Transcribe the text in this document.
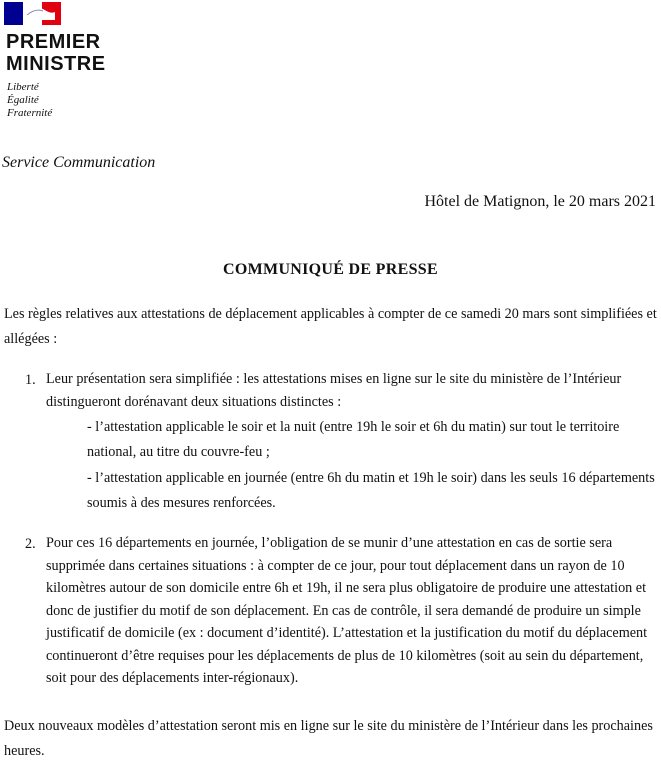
PREMIER
MINISTRE
Liberté
Égalité
Fraternité
Service Communication
Hôtel de Matignon, le 20 mars 2021
COMMUNIQUÉ DE PRESSE
Les règles relatives aux attestations de déplacement applicables à compter de ce samedi 20 mars sont simplifiées et allégées :
1. Leur présentation sera simplifiée : les attestations mises en ligne sur le site du ministère de l’Intérieur distingueront dorénavant deux situations distinctes :
- l’attestation applicable le soir et la nuit (entre 19h le soir et 6h du matin) sur tout le territoire national, au titre du couvre-feu ;
- l’attestation applicable en journée (entre 6h du matin et 19h le soir) dans les seuls 16 départements soumis à des mesures renforcées.
2. Pour ces 16 départements en journée, l’obligation de se munir d’une attestation en cas de sortie sera supprimée dans certaines situations : à compter de ce jour, pour tout déplacement dans un rayon de 10 kilomètres autour de son domicile entre 6h et 19h, il ne sera plus obligatoire de produire une attestation et donc de justifier du motif de son déplacement. En cas de contrôle, il sera demandé de produire un simple justificatif de domicile (ex : document d’identité). L’attestation et la justification du motif du déplacement continueront d’être requises pour les déplacements de plus de 10 kilomètres (soit au sein du département, soit pour des déplacements inter-régionaux).
Deux nouveaux modèles d’attestation seront mis en ligne sur le site du ministère de l’Intérieur dans les prochaines heures.
